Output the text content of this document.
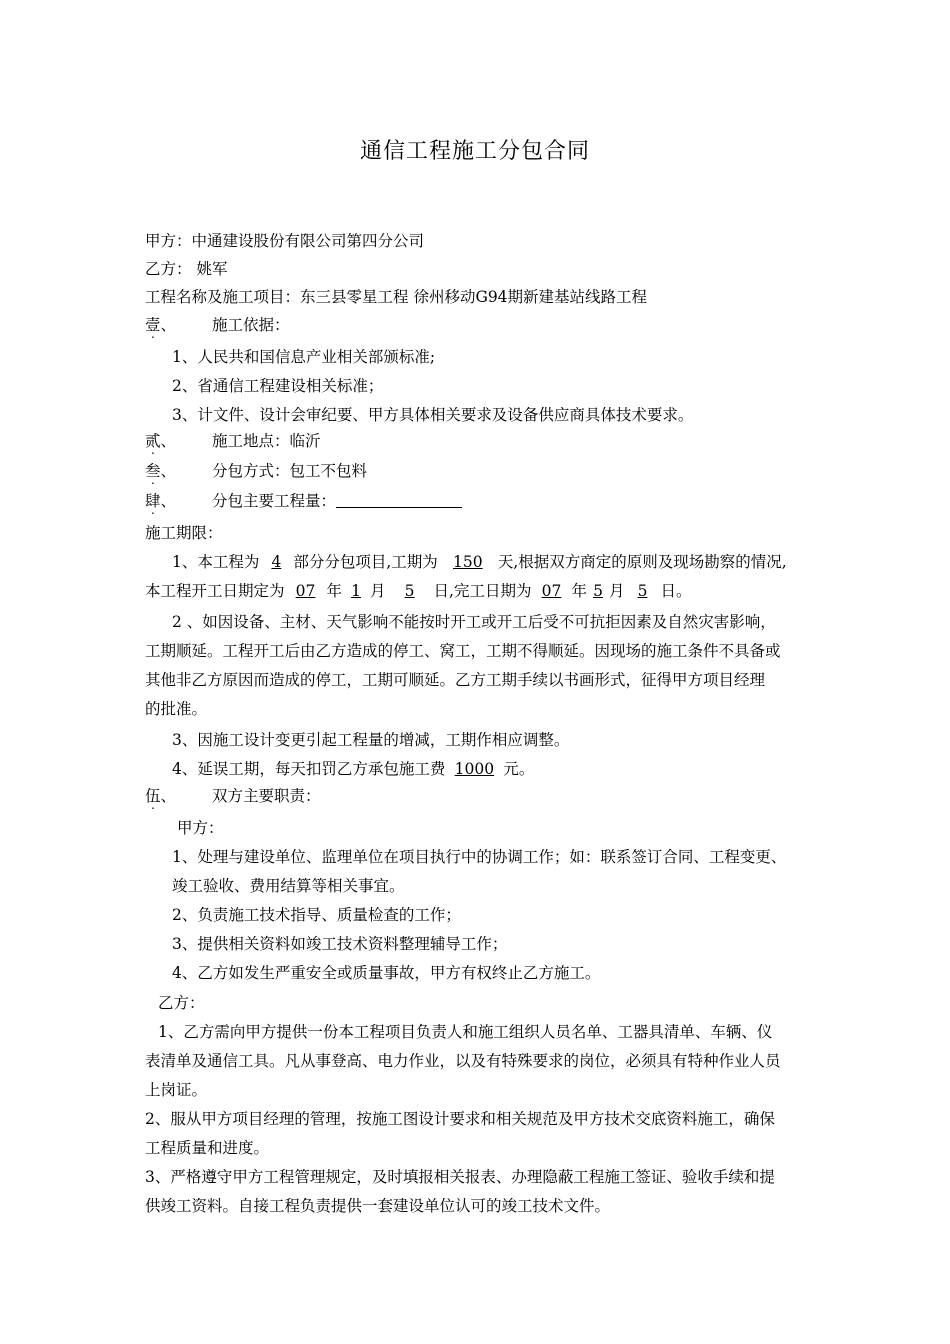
通信工程施工分包合同
甲方：中通建设股份有限公司第四分公司
乙方： 姚军
工程名称及施工项目：东三县零星工程 徐州移动G94期新建基站线路工程
壹、 . 施工依据：
1、人民共和国信息产业相关部颁标准;
2、省通信工程建设相关标准；
3、计文件、设计会审纪要、甲方具体相关要求及设备供应商具体技术要求。
贰、 . 施工地点：临沂
叁、 . 分包方式：包工不包料
肆、 . 分包主要工程量：
施工期限：
1、本工程为 4 部分分包项目,工期为 150 天,根据双方商定的原则及现场勘察的情况,
本工程开工日期定为 07 年 1 月 5 日,完工日期为 07 年 5 月 5 日。
2 、如因设备、主材、天气影响不能按时开工或开工后受不可抗拒因素及自然灾害影响，
工期顺延。工程开工后由乙方造成的停工、窝工，工期不得顺延。因现场的施工条件不具备或
其他非乙方原因而造成的停工，工期可顺延。乙方工期手续以书画形式，征得甲方项目经理
的批准。
3、因施工设计变更引起工程量的增减，工期作相应调整。
4、延误工期，每天扣罚乙方承包施工费 1000 元。
伍、 . 双方主要职责：
甲方：
1、处理与建设单位、监理单位在项目执行中的协调工作；如：联系签订合同、工程变更、
竣工验收、费用结算等相关事宜。
2、负责施工技术指导、质量检查的工作；
3、提供相关资料如竣工技术资料整理辅导工作；
4、乙方如发生严重安全或质量事故，甲方有权终止乙方施工。
乙方：
1、乙方需向甲方提供一份本工程项目负责人和施工组织人员名单、工器具清单、车辆、仪
表清单及通信工具。凡从事登高、电力作业，以及有特殊要求的岗位，必须具有特种作业人员
上岗证。
2、服从甲方项目经理的管理，按施工图设计要求和相关规范及甲方技术交底资料施工，确保
工程质量和进度。
3、严格遵守甲方工程管理规定，及时填报相关报表、办理隐蔽工程施工签证、验收手续和提
供竣工资料。自接工程负责提供一套建设单位认可的竣工技术文件。
